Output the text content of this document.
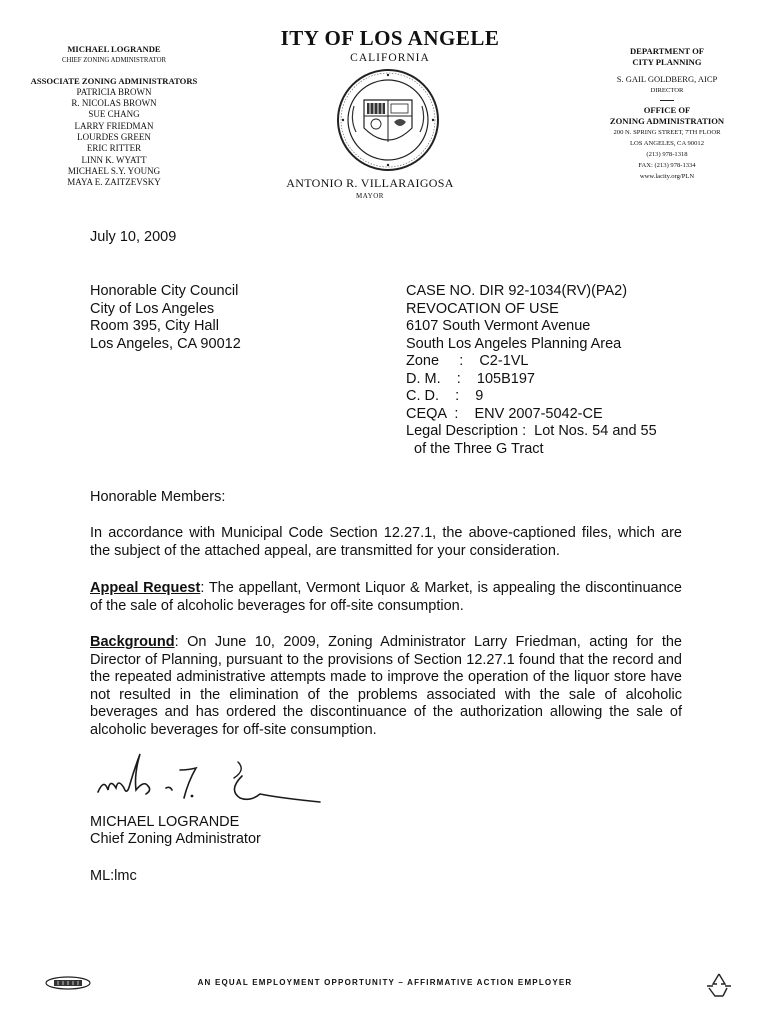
MICHAEL LOGRANDE
CHIEF ZONING ADMINISTRATOR
ASSOCIATE ZONING ADMINISTRATORS
PATRICIA BROWN
R. NICOLAS BROWN
SUE CHANG
LARRY FRIEDMAN
LOURDES GREEN
ERIC RITTER
LINN K. WYATT
MICHAEL S.Y. YOUNG
MAYA E. ZAITZEVSKY
ITY OF LOS ANGELE
CALIFORNIA
ANTONIO R. VILLARAIGOSA
MAYOR
DEPARTMENT OF
CITY PLANNING
S. GAIL GOLDBERG, AICP
DIRECTOR
OFFICE OF
ZONING ADMINISTRATION
200 N. SPRING STREET, 7TH FLOOR
LOS ANGELES, CA 90012
(213) 978-1318
FAX: (213) 978-1334
www.lacity.org/PLN
July 10, 2009
Honorable City Council
City of Los Angeles
Room 395, City Hall
Los Angeles, CA 90012
CASE NO. DIR 92-1034(RV)(PA2)
REVOCATION OF USE
6107 South Vermont Avenue
South Los Angeles Planning Area
Zone     :    C2-1VL
D. M.    :    105B197
C. D.    :    9
CEQA  :    ENV 2007-5042-CE
Legal Description :  Lot Nos. 54 and 55
of the Three G Tract
Honorable Members:
In accordance with Municipal Code Section 12.27.1, the above-captioned files, which are the subject of the attached appeal, are transmitted for your consideration.
Appeal Request: The appellant, Vermont Liquor & Market, is appealing the discontinuance of the sale of alcoholic beverages for off-site consumption.
Background: On June 10, 2009, Zoning Administrator Larry Friedman, acting for the Director of Planning, pursuant to the provisions of Section 12.27.1 found that the record and the repeated administrative attempts made to improve the operation of the liquor store have not resulted in the elimination of the problems associated with the sale of alcoholic beverages and has ordered the discontinuance of the authorization allowing the sale of alcoholic beverages for off-site consumption.
MICHAEL LOGRANDE
Chief Zoning Administrator
ML:lmc
AN EQUAL EMPLOYMENT OPPORTUNITY – AFFIRMATIVE ACTION EMPLOYER
